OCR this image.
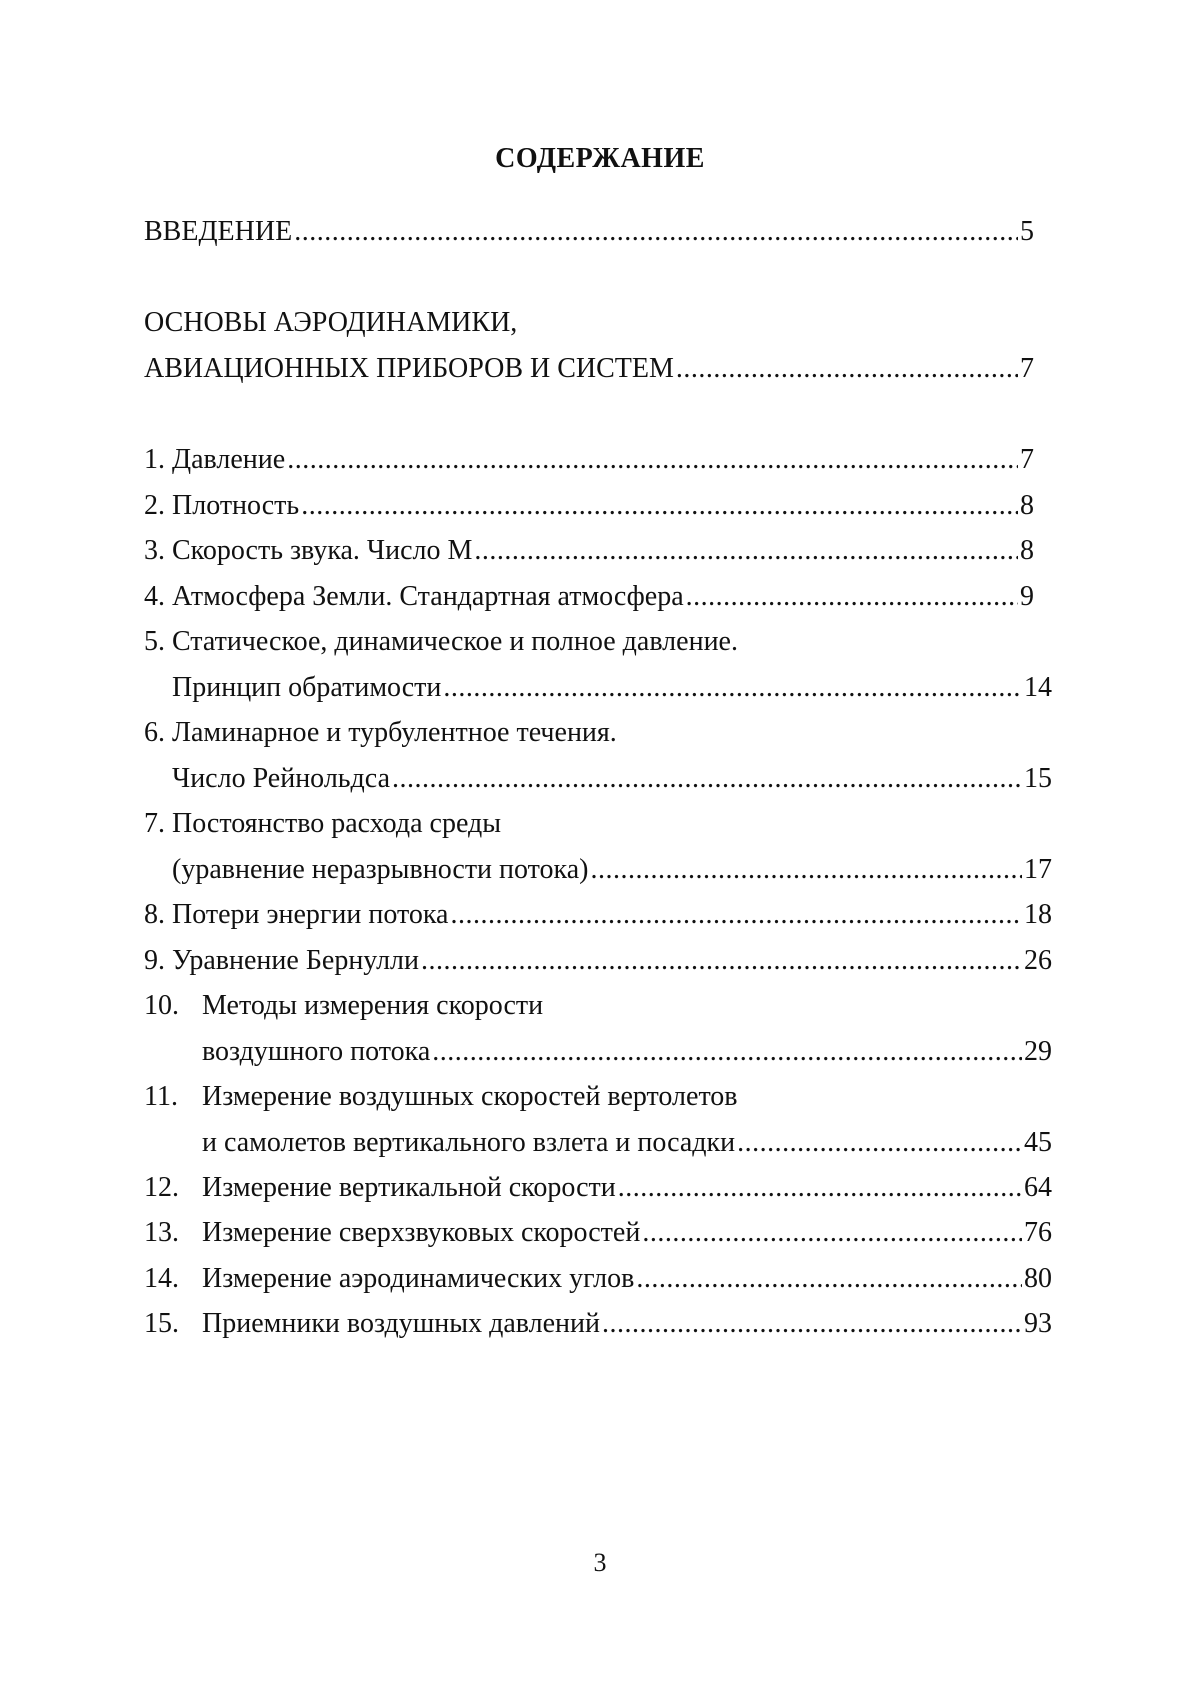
СОДЕРЖАНИЕ
ВВЕДЕНИЕ .....	5
ОСНОВЫ АЭРОДИНАМИКИ,
АВИАЦИОННЫХ ПРИБОРОВ И СИСТЕМ .....	7
1. Давление .....	7
2. Плотность .....	8
3. Скорость звука. Число М .....	8
4. Атмосфера Земли. Стандартная атмосфера .....	9
5. Статическое, динамическое и полное давление.
Принцип обратимости .....	14
6. Ламинарное и турбулентное течения.
Число Рейнольдса .....	15
7. Постоянство расхода среды
(уравнение неразрывности потока) .....	17
8. Потери энергии потока .....	18
9. Уравнение Бернулли .....	26
10. Методы измерения скорости
воздушного потока .....	29
11. Измерение воздушных скоростей вертолетов
и самолетов вертикального взлета и посадки .....	45
12. Измерение вертикальной скорости .....	64
13. Измерение сверхзвуковых скоростей .....	76
14. Измерение аэродинамических углов .....	80
15. Приемники воздушных давлений .....	93
3
